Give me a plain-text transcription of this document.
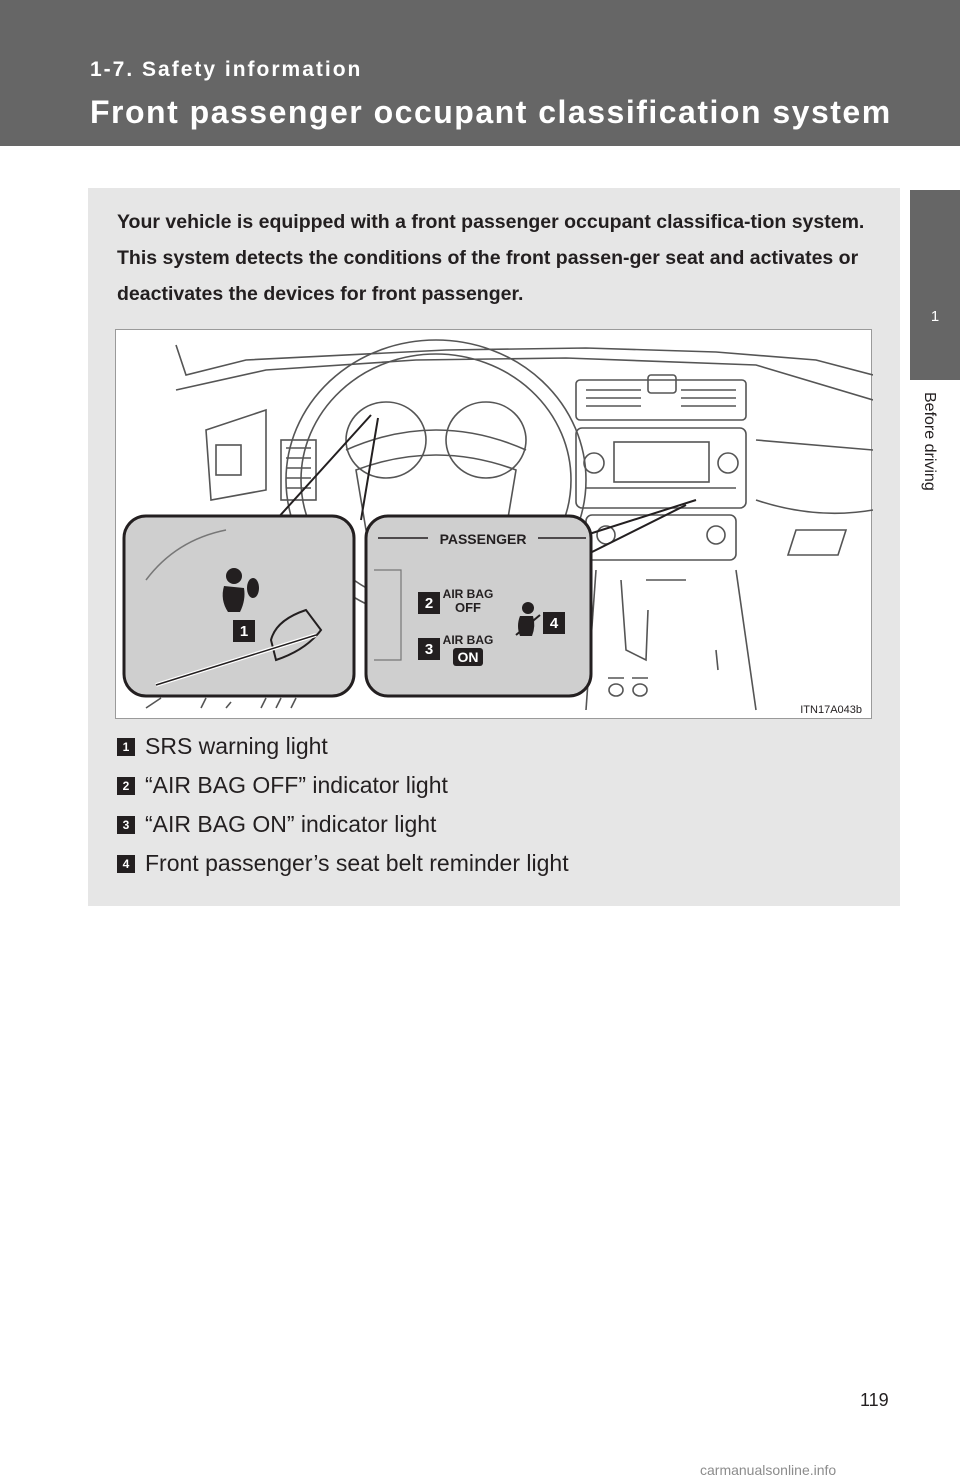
1-7. Safety information
Front passenger occupant classification system
1
Before driving
Your vehicle is equipped with a front passenger occupant classifica-tion system. This system detects the conditions of the front passen-ger seat and activates or deactivates the devices for front passenger.
PASSENGER
AIR BAG
OFF
AIR BAG
ON
1
2
3
4
ITN17A043b
1 SRS warning light
2 “AIR BAG OFF” indicator light
3 “AIR BAG ON” indicator light
4 Front passenger’s seat belt reminder light
119
carmanualsonline.info
